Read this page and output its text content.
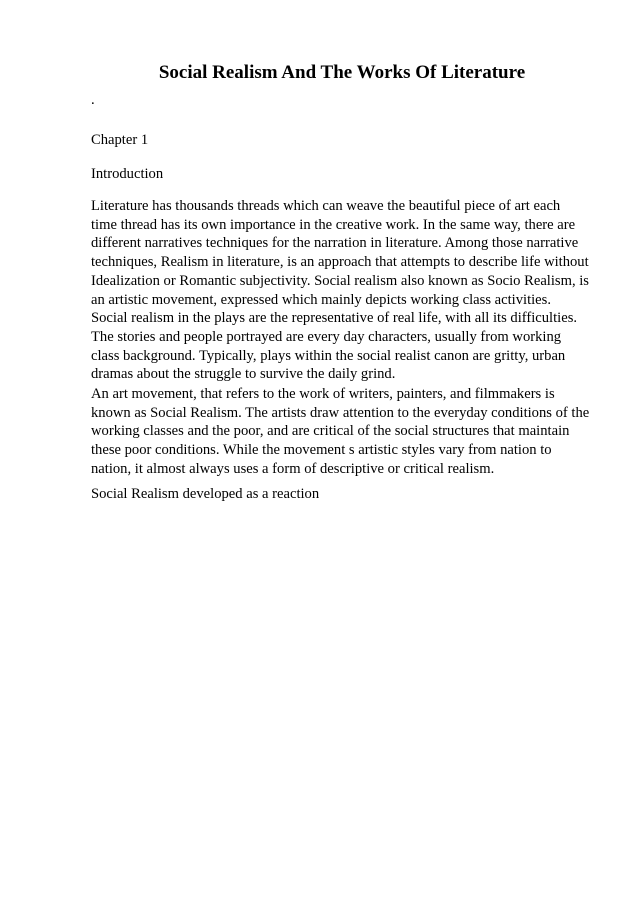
Social Realism And The Works Of Literature

.

Chapter 1

Introduction

Literature has thousands threads which can weave the beautiful piece of art each
time thread has its own importance in the creative work. In the same way, there are
different narratives techniques for the narration in literature. Among those narrative
techniques, Realism in literature, is an approach that attempts to describe life without
Idealization or Romantic subjectivity. Social realism also known as Socio Realism, is
an artistic movement, expressed which mainly depicts working class activities.
Social realism in the plays are the representative of real life, with all its difficulties.
The stories and people portrayed are every day characters, usually from working
class background. Typically, plays within the social realist canon are gritty, urban
dramas about the struggle to survive the daily grind.

An art movement, that refers to the work of writers, painters, and filmmakers is
known as Social Realism. The artists draw attention to the everyday conditions of the
working classes and the poor, and are critical of the social structures that maintain
these poor conditions. While the movement s artistic styles vary from nation to
nation, it almost always uses a form of descriptive or critical realism.

Social Realism developed as a reaction
